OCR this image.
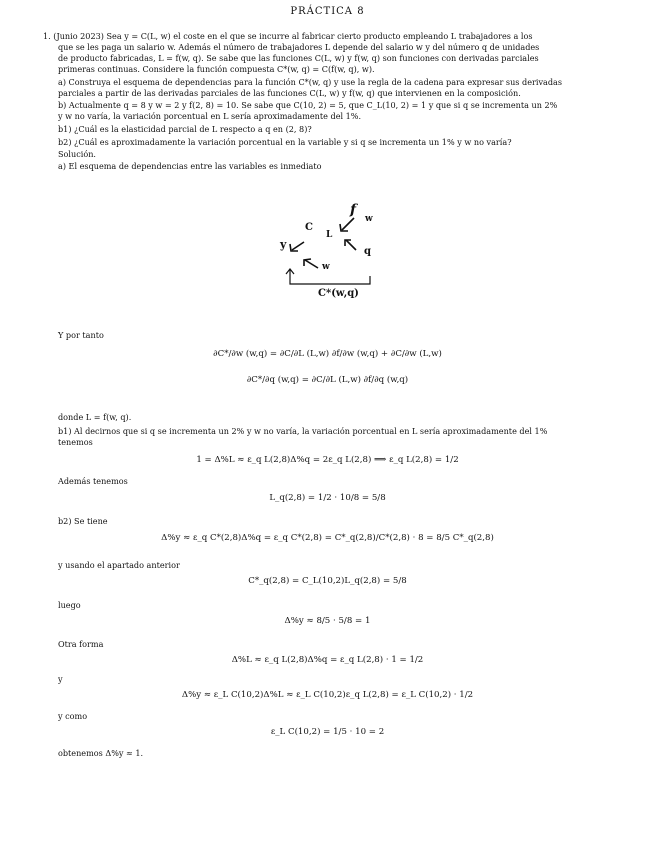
PRÁCTICA 8
1. (Junio 2023) Sea y = C(L, w) el coste en el que se incurre al fabricar cierto producto empleando L trabajadores a los
que se les paga un salario w. Además el número de trabajadores L depende del salario w y del número q de unidades
de producto fabricadas, L = f(w, q). Se sabe que las funciones C(L, w) y f(w, q) son funciones con derivadas parciales
primeras continuas. Considere la función compuesta C*(w, q) = C(f(w, q), w).
a) Construya el esquema de dependencias para la función C*(w, q) y use la regla de la cadena para expresar sus derivadas
parciales a partir de las derivadas parciales de las funciones C(L, w) y f(w, q) que intervienen en la composición.
b) Actualmente q = 8 y w = 2 y f(2, 8) = 10. Se sabe que C(10, 2) = 5, que C_L(10, 2) = 1 y que si q se incrementa un 2%
y w no varía, la variación porcentual en L sería aproximadamente del 1%.
b1) ¿Cuál es la elasticidad parcial de L respecto a q en (2, 8)?
b2) ¿Cuál es aproximadamente la variación porcentual en la variable y si q se incrementa un 1% y w no varía?
Solución.
a) El esquema de dependencias entre las variables es inmediato
y
C
L
f
w
q
w
C*(w,q)
Y por tanto
∂C*/∂w (w,q) = ∂C/∂L (L,w) ∂f/∂w (w,q) + ∂C/∂w (L,w)
∂C*/∂q (w,q) = ∂C/∂L (L,w) ∂f/∂q (w,q)
donde L = f(w, q).
b1) Al decirnos que si q se incrementa un 2% y w no varía, la variación porcentual en L sería aproximadamente del 1%
tenemos
1 = Δ%L ≈ ε_q L(2,8)Δ%q = 2ε_q L(2,8) ⟹ ε_q L(2,8) = 1/2
Además tenemos
L_q(2,8) = 1/2 · 10/8 = 5/8
b2) Se tiene
Δ%y ≈ ε_q C*(2,8)Δ%q = ε_q C*(2,8) = C*_q(2,8)/C*(2,8) · 8 = 8/5 C*_q(2,8)
y usando el apartado anterior
C*_q(2,8) = C_L(10,2)L_q(2,8) = 5/8
luego
Δ%y ≈ 8/5 · 5/8 = 1
Otra forma
Δ%L ≈ ε_q L(2,8)Δ%q = ε_q L(2,8) · 1 = 1/2
y
Δ%y ≈ ε_L C(10,2)Δ%L ≈ ε_L C(10,2)ε_q L(2,8) = ε_L C(10,2) · 1/2
y como
ε_L C(10,2) = 1/5 · 10 = 2
obtenemos Δ%y ≈ 1.
